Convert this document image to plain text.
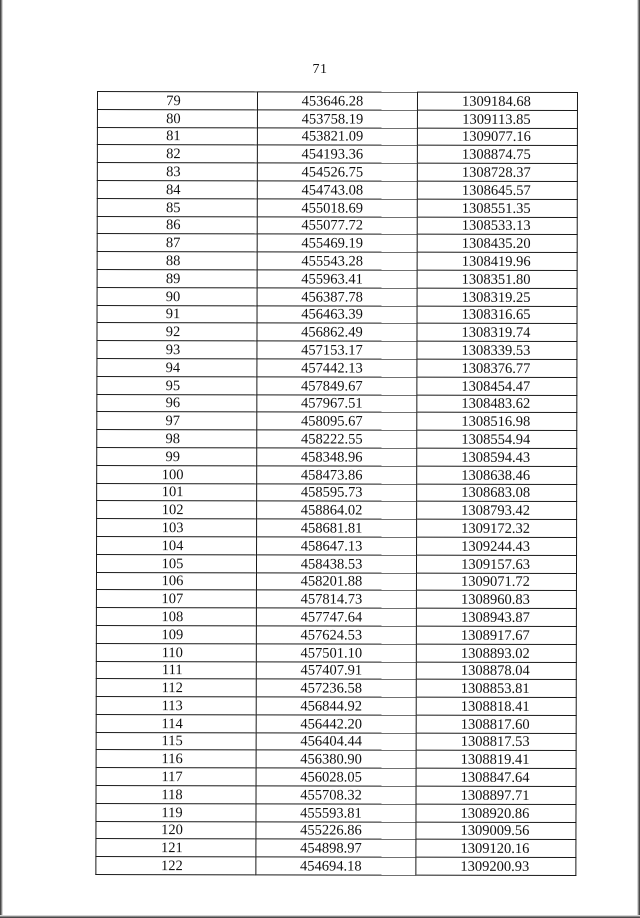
71
79	453646.28	1309184.68
80	453758.19	1309113.85
81	453821.09	1309077.16
82	454193.36	1308874.75
83	454526.75	1308728.37
84	454743.08	1308645.57
85	455018.69	1308551.35
86	455077.72	1308533.13
87	455469.19	1308435.20
88	455543.28	1308419.96
89	455963.41	1308351.80
90	456387.78	1308319.25
91	456463.39	1308316.65
92	456862.49	1308319.74
93	457153.17	1308339.53
94	457442.13	1308376.77
95	457849.67	1308454.47
96	457967.51	1308483.62
97	458095.67	1308516.98
98	458222.55	1308554.94
99	458348.96	1308594.43
100	458473.86	1308638.46
101	458595.73	1308683.08
102	458864.02	1308793.42
103	458681.81	1309172.32
104	458647.13	1309244.43
105	458438.53	1309157.63
106	458201.88	1309071.72
107	457814.73	1308960.83
108	457747.64	1308943.87
109	457624.53	1308917.67
110	457501.10	1308893.02
111	457407.91	1308878.04
112	457236.58	1308853.81
113	456844.92	1308818.41
114	456442.20	1308817.60
115	456404.44	1308817.53
116	456380.90	1308819.41
117	456028.05	1308847.64
118	455708.32	1308897.71
119	455593.81	1308920.86
120	455226.86	1309009.56
121	454898.97	1309120.16
122	454694.18	1309200.93
